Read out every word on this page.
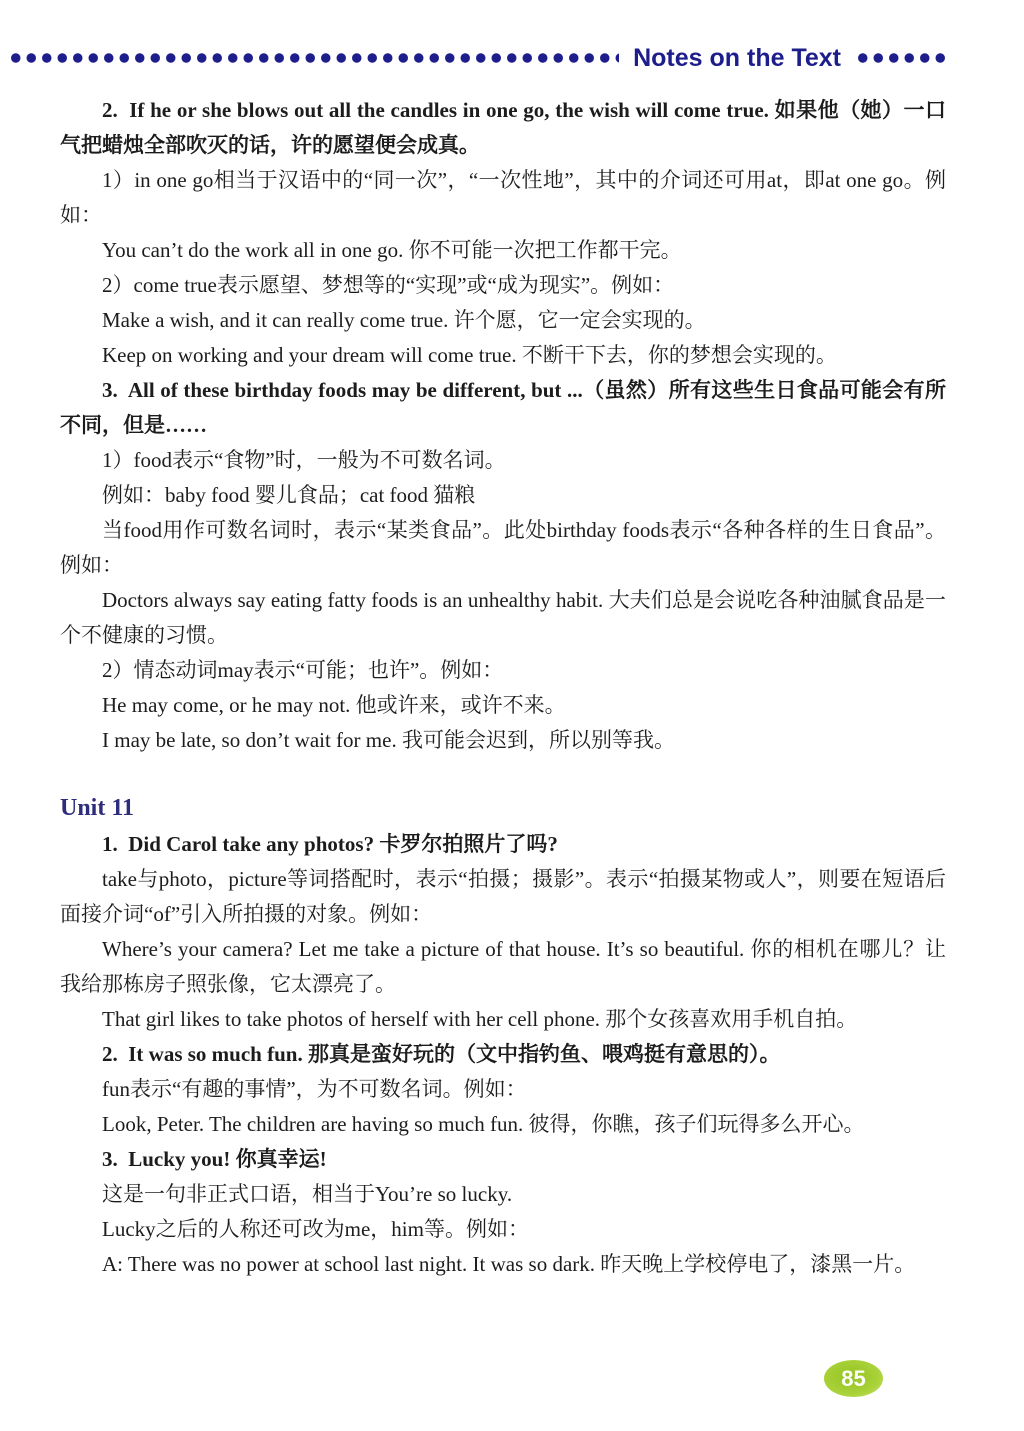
Notes on the Text

2.  If he or she blows out all the candles in one go, the wish will come true. 如果他（她）一口气把蜡烛全部吹灭的话，许的愿望便会成真。

1）in one go相当于汉语中的“同一次”，“一次性地”，其中的介词还可用at，即at one go。例如：

You can’t do the work all in one go. 你不可能一次把工作都干完。

2）come true表示愿望、梦想等的“实现”或“成为现实”。例如：

Make a wish, and it can really come true. 许个愿，它一定会实现的。

Keep on working and your dream will come true. 不断干下去，你的梦想会实现的。

3.  All of these birthday foods may be different, but ...（虽然）所有这些生日食品可能会有所不同，但是……

1）food表示“食物”时，一般为不可数名词。

例如：baby food 婴儿食品；cat food 猫粮

当food用作可数名词时，表示“某类食品”。此处birthday foods表示“各种各样的生日食品”。例如：

Doctors always say eating fatty foods is an unhealthy habit. 大夫们总是会说吃各种油腻食品是一个不健康的习惯。

2）情态动词may表示“可能；也许”。例如：

He may come, or he may not. 他或许来，或许不来。

I may be late, so don’t wait for me. 我可能会迟到，所以别等我。

Unit 11

1.  Did Carol take any photos? 卡罗尔拍照片了吗?

take与photo，picture等词搭配时，表示“拍摄；摄影”。表示“拍摄某物或人”，则要在短语后面接介词“of”引入所拍摄的对象。例如：

Where’s your camera? Let me take a picture of that house. It’s so beautiful. 你的相机在哪儿？让我给那栋房子照张像，它太漂亮了。

That girl likes to take photos of herself with her cell phone. 那个女孩喜欢用手机自拍。

2.  It was so much fun. 那真是蛮好玩的（文中指钓鱼、喂鸡挺有意思的）。

fun表示“有趣的事情”，为不可数名词。例如：

Look, Peter. The children are having so much fun. 彼得，你瞧，孩子们玩得多么开心。

3.  Lucky you! 你真幸运!

这是一句非正式口语，相当于You’re so lucky.

Lucky之后的人称还可改为me，him等。例如：

A: There was no power at school last night. It was so dark. 昨天晚上学校停电了，漆黑一片。

85
